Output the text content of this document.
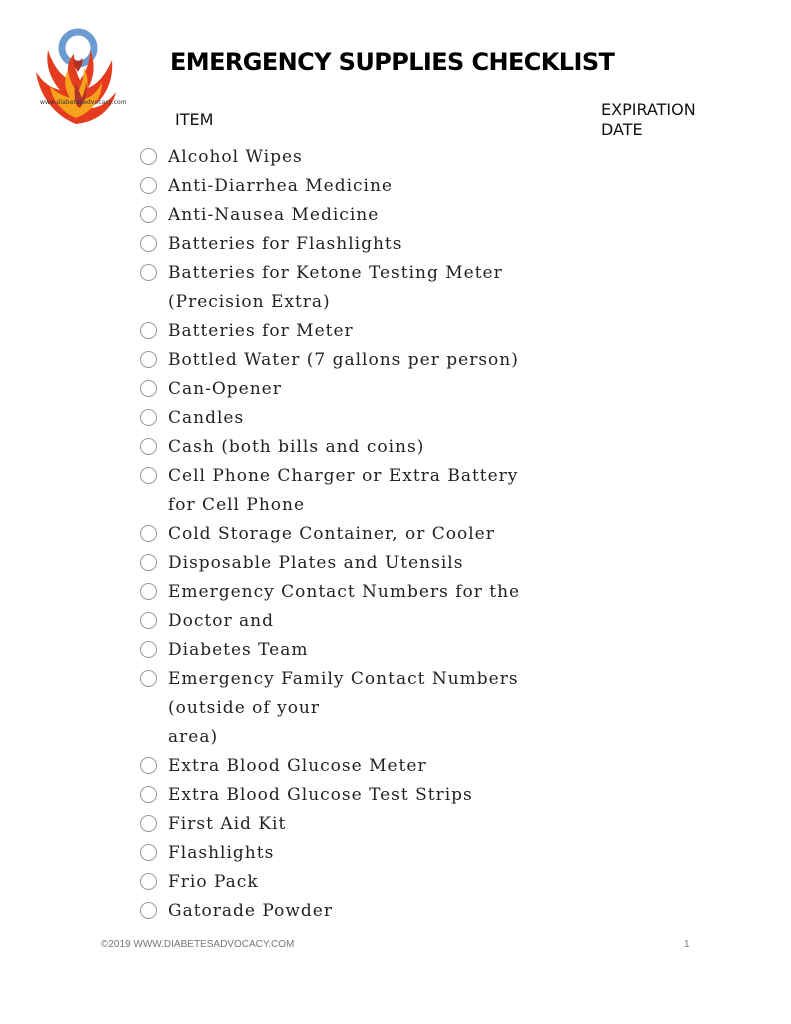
www.diabetesadvocacy.com
EMERGENCY SUPPLIES CHECKLIST
ITEM
EXPIRATION DATE
Alcohol Wipes
Anti-Diarrhea Medicine
Anti-Nausea Medicine
Batteries for Flashlights
Batteries for Ketone Testing Meter
(Precision Extra)
Batteries for Meter
Bottled Water (7 gallons per person)
Can-Opener
Candles
Cash (both bills and coins)
Cell Phone Charger or Extra Battery
for Cell Phone
Cold Storage Container, or Cooler
Disposable Plates and Utensils
Emergency Contact Numbers for the
Doctor and
Diabetes Team
Emergency Family Contact Numbers
(outside of your
area)
Extra Blood Glucose Meter
Extra Blood Glucose Test Strips
First Aid Kit
Flashlights
Frio Pack
Gatorade Powder
©2019 WWW.DIABETESADVOCACY.COM	1
